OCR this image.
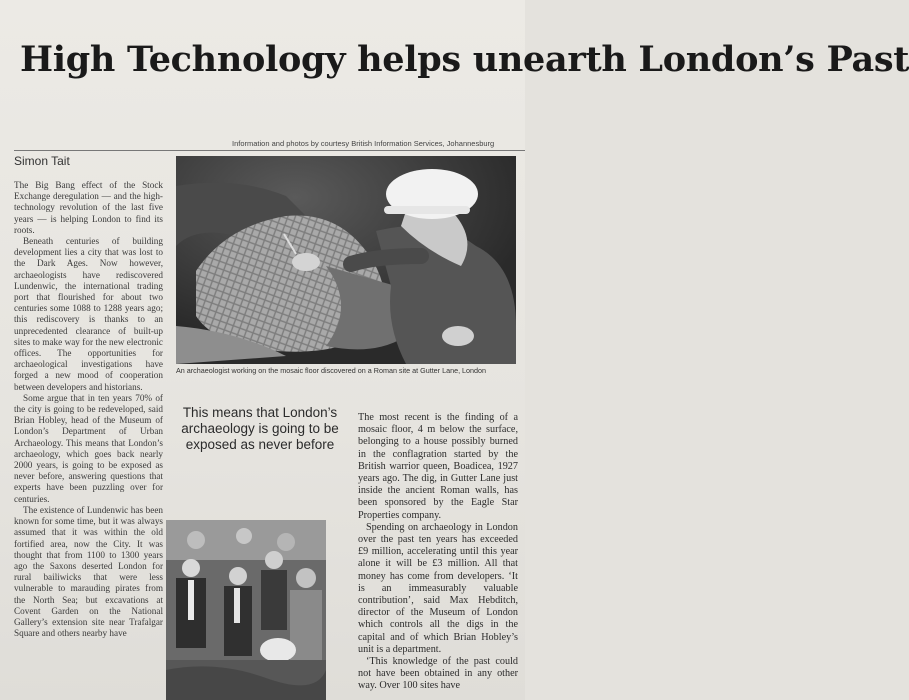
High Technology helps unearth London’s Past
Information and photos by courtesy British Information Services, Johannesburg
Simon Tait

The Big Bang effect of the Stock Exchange deregulation — and the high-technology revolution of the last five years — is helping London to find its roots.

Beneath centuries of building development lies a city that was lost to the Dark Ages. Now however, archaeologists have rediscovered Lundenwic, the international trading port that flourished for about two centuries some 1088 to 1288 years ago; this rediscovery is thanks to an unprecedented clearance of built-up sites to make way for the new electronic offices. The opportunities for archaeological investigations have forged a new mood of cooperation between developers and historians.

Some argue that in ten years 70% of the city is going to be redeveloped, said Brian Hobley, head of the Museum of London’s Department of Urban Archaeology. This means that London’s archaeology, which goes back nearly 2000 years, is going to be exposed as never before, answering questions that experts have been puzzling over for centuries.

The existence of Lundenwic has been known for some time, but it was always assumed that it was within the old fortified area, now the City. It was thought that from 1100 to 1300 years ago the Saxons deserted London for rural bailiwicks that were less vulnerable to marauding pirates from the North Sea; but excavations at Covent Garden on the National Gallery’s extension site near Trafalgar Square and others nearby have

An archaeologist working on the mosaic floor discovered on a Roman site at Gutter Lane, London
This means that London’s archaeology is going to be exposed as never before

The most recent is the finding of a mosaic floor, 4 m below the surface, belonging to a house possibly burned in the conflagration started by the British warrior queen, Boadicea, 1927 years ago. The dig, in Gutter Lane just inside the ancient Roman walls, has been sponsored by the Eagle Star Properties company.

Spending on archaeology in London over the past ten years has exceeded £9 million, accelerating until this year alone it will be £3 million. All that money has come from developers. ‘It is an immeasurably valuable contribution’, said Max Hebditch, director of the Museum of London which controls all the digs in the capital and of which Brian Hobley’s unit is a department.

‘This knowledge of the past could not have been obtained in any other way. Over 100 sites have
